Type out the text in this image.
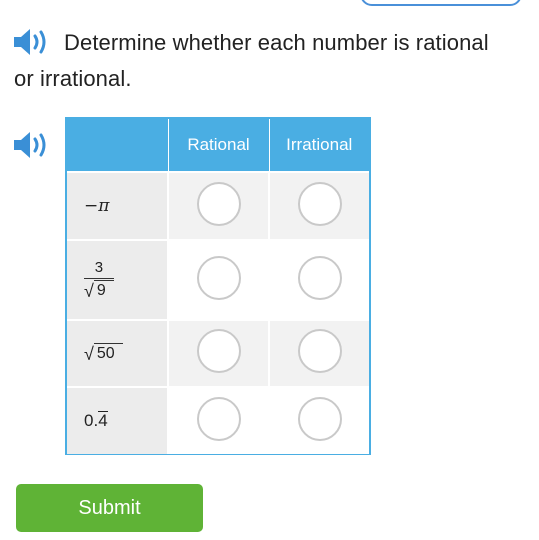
Determine whether each number is rational or irrational.
	Rational	Irrational
−π		

$\frac{3}{√ 9}$

√ 50		

0.4		
Submit
